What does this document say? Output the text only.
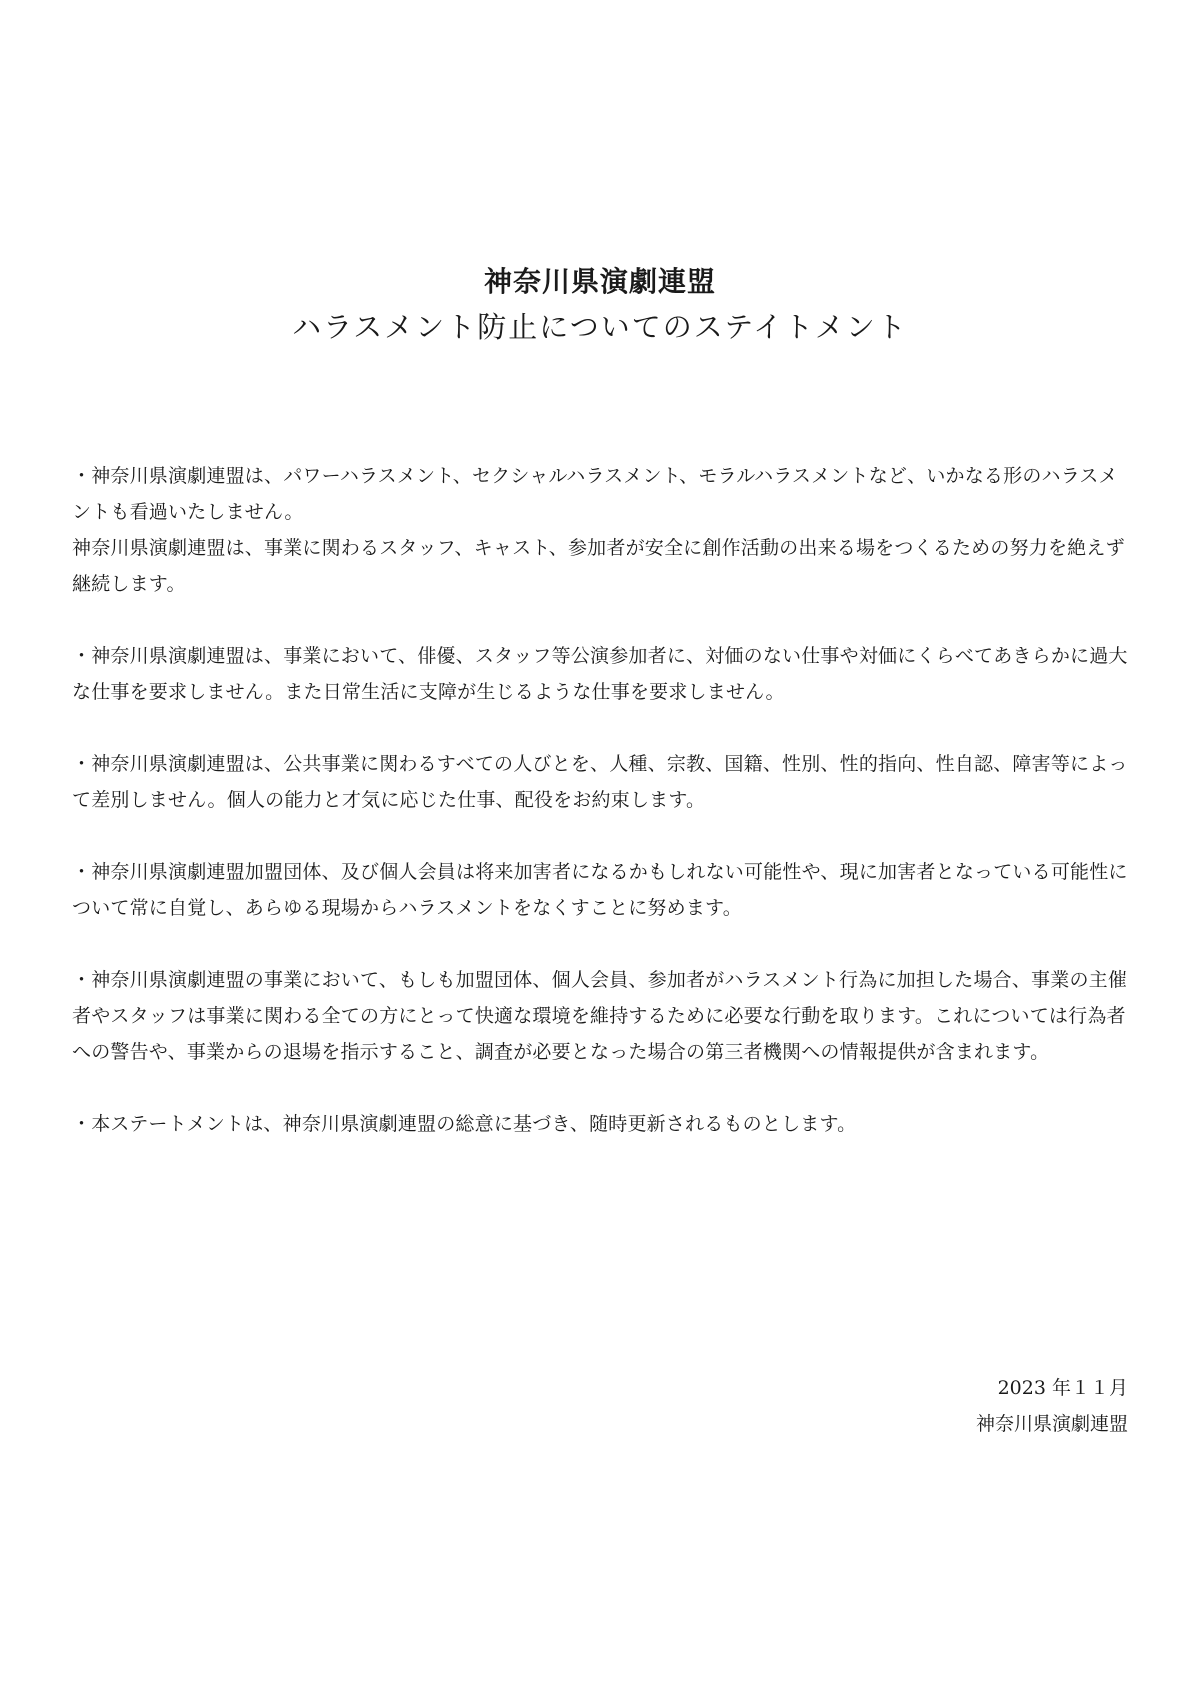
神奈川県演劇連盟
ハラスメント防止についてのステイトメント

・神奈川県演劇連盟は、パワーハラスメント、セクシャルハラスメント、モラルハラスメントなど、いかなる形のハラスメントも看過いたしません。
神奈川県演劇連盟は、事業に関わるスタッフ、キャスト、参加者が安全に創作活動の出来る場をつくるための努力を絶えず継続します。

・神奈川県演劇連盟は、事業において、俳優、スタッフ等公演参加者に、対価のない仕事や対価にくらべてあきらかに過大な仕事を要求しません。また日常生活に支障が生じるような仕事を要求しません。

・神奈川県演劇連盟は、公共事業に関わるすべての人びとを、人種、宗教、国籍、性別、性的指向、性自認、障害等によって差別しません。個人の能力と才気に応じた仕事、配役をお約束します。

・神奈川県演劇連盟加盟団体、及び個人会員は将来加害者になるかもしれない可能性や、現に加害者となっている可能性について常に自覚し、あらゆる現場からハラスメントをなくすことに努めます。

・神奈川県演劇連盟の事業において、もしも加盟団体、個人会員、参加者がハラスメント行為に加担した場合、事業の主催者やスタッフは事業に関わる全ての方にとって快適な環境を維持するために必要な行動を取ります。これについては行為者への警告や、事業からの退場を指示すること、調査が必要となった場合の第三者機関への情報提供が含まれます。

・本ステートメントは、神奈川県演劇連盟の総意に基づき、随時更新されるものとします。

2023 年１１月
神奈川県演劇連盟
